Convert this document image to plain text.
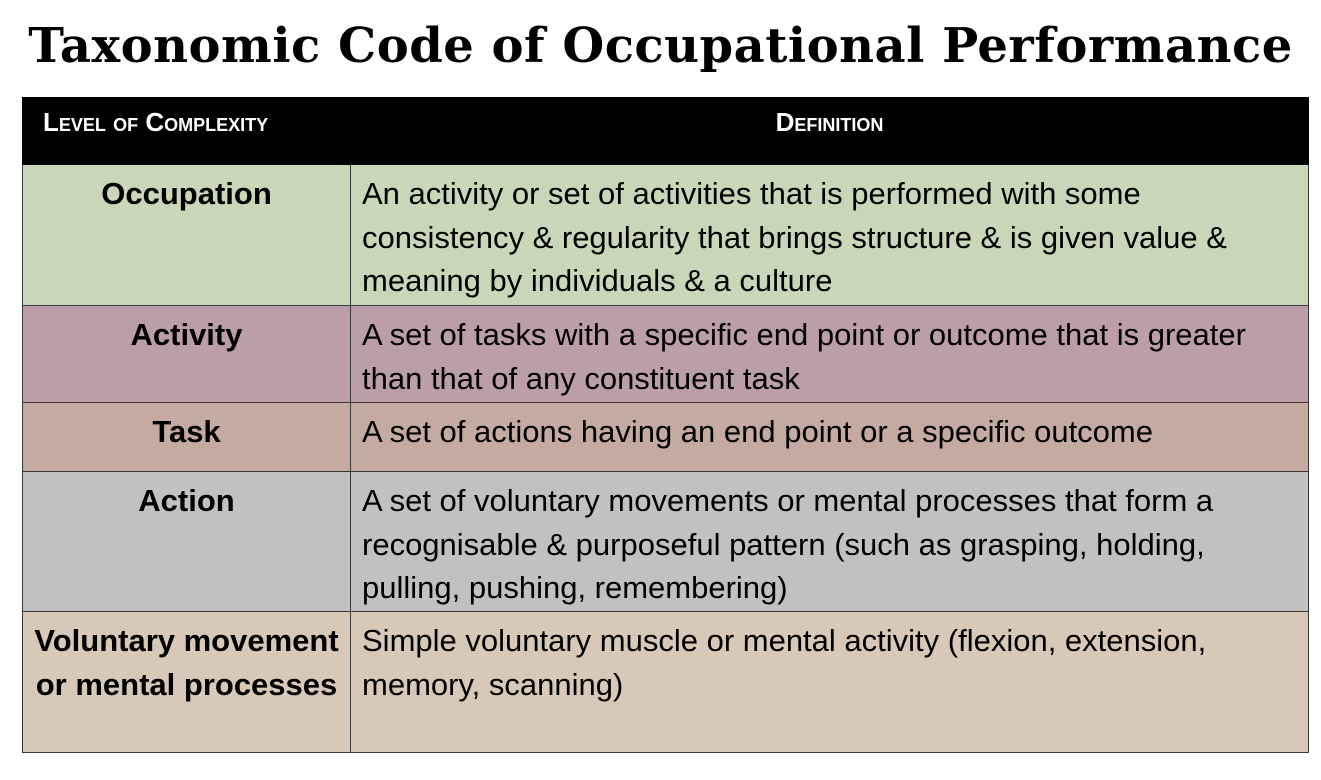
Taxonomic Code of Occupational Performance
Level of Complexity	Definition
Occupation	An activity or set of activities that is performed with some consistency & regularity that brings structure & is given value & meaning by individuals & a culture
Activity	A set of tasks with a specific end point or outcome that is greater than that of any constituent task
Task	A set of actions having an end point or a specific outcome
Action	A set of voluntary movements or mental processes that form a recognisable & purposeful pattern (such as grasping, holding, pulling, pushing, remembering)
Voluntary movement or mental processes	Simple voluntary muscle or mental activity (flexion, extension, memory, scanning)
